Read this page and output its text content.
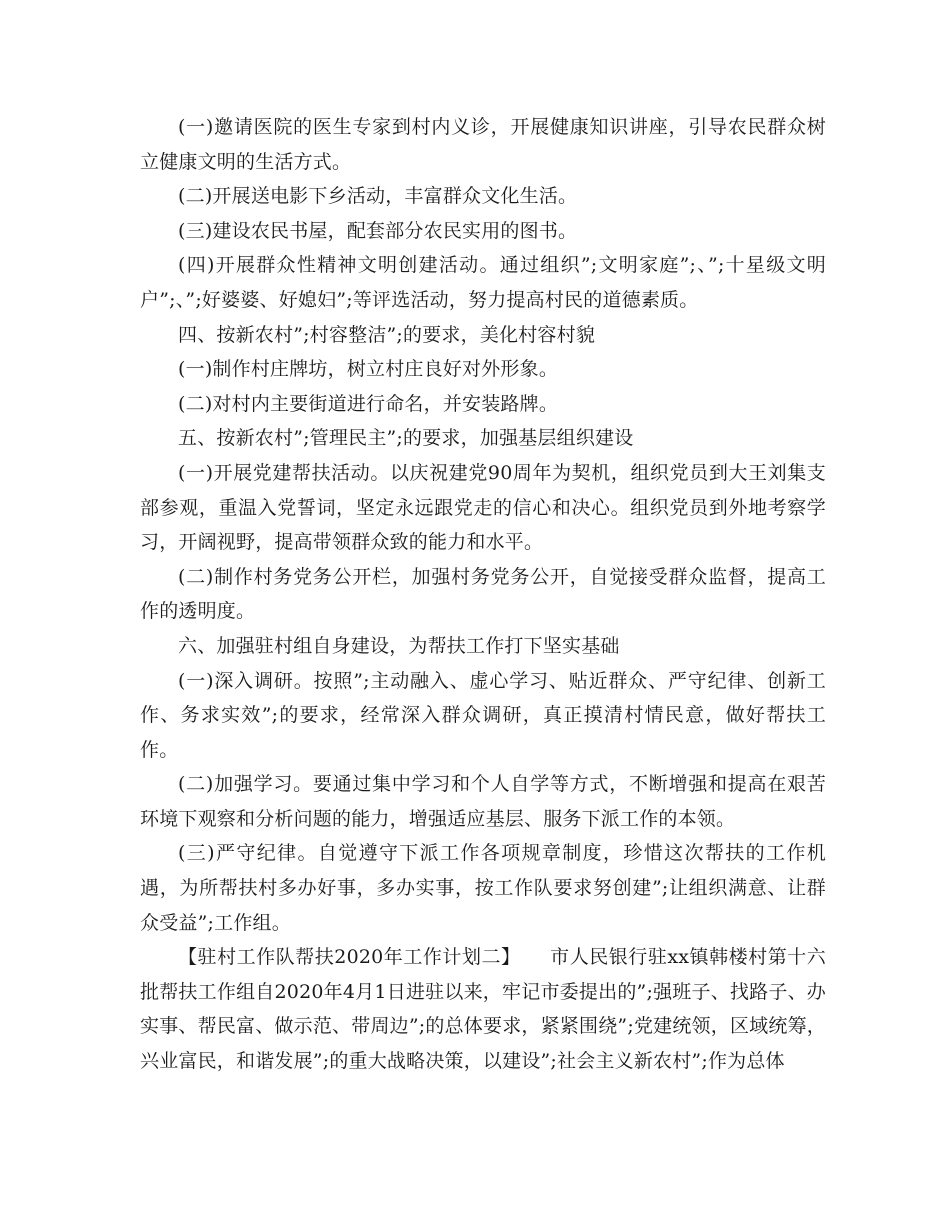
(一)邀请医院的医生专家到村内义诊，开展健康知识讲座，引导农民群众树立健康文明的生活方式。

(二)开展送电影下乡活动，丰富群众文化生活。

(三)建设农民书屋，配套部分农民实用的图书。

(四)开展群众性精神文明创建活动。通过组织”;文明家庭”;、”;十星级文明户”;、”;好婆婆、好媳妇”;等评选活动，努力提高村民的道德素质。

四、按新农村”;村容整洁”;的要求，美化村容村貌

(一)制作村庄牌坊，树立村庄良好对外形象。

(二)对村内主要街道进行命名，并安装路牌。

五、按新农村”;管理民主”;的要求，加强基层组织建设

(一)开展党建帮扶活动。以庆祝建党90周年为契机，组织党员到大王刘集支部参观，重温入党誓词，坚定永远跟党走的信心和决心。组织党员到外地考察学习，开阔视野，提高带领群众致的能力和水平。

(二)制作村务党务公开栏，加强村务党务公开，自觉接受群众监督，提高工作的透明度。

六、加强驻村组自身建设，为帮扶工作打下坚实基础

(一)深入调研。按照”;主动融入、虚心学习、贴近群众、严守纪律、创新工作、务求实效”;的要求，经常深入群众调研，真正摸清村情民意，做好帮扶工作。

(二)加强学习。要通过集中学习和个人自学等方式，不断增强和提高在艰苦环境下观察和分析问题的能力，增强适应基层、服务下派工作的本领。

(三)严守纪律。自觉遵守下派工作各项规章制度，珍惜这次帮扶的工作机遇，为所帮扶村多办好事，多办实事，按工作队要求努创建”;让组织满意、让群众受益”;工作组。

【驻村工作队帮扶2020年工作计划二】　　市人民银行驻xx镇韩楼村第十六批帮扶工作组自2020年4月1日进驻以来，牢记市委提出的”;强班子、找路子、办实事、帮民富、做示范、带周边”;的总体要求，紧紧围绕”;党建统领，区域统筹，兴业富民，和谐发展”;的重大战略决策，以建设”;社会主义新农村”;作为总体
